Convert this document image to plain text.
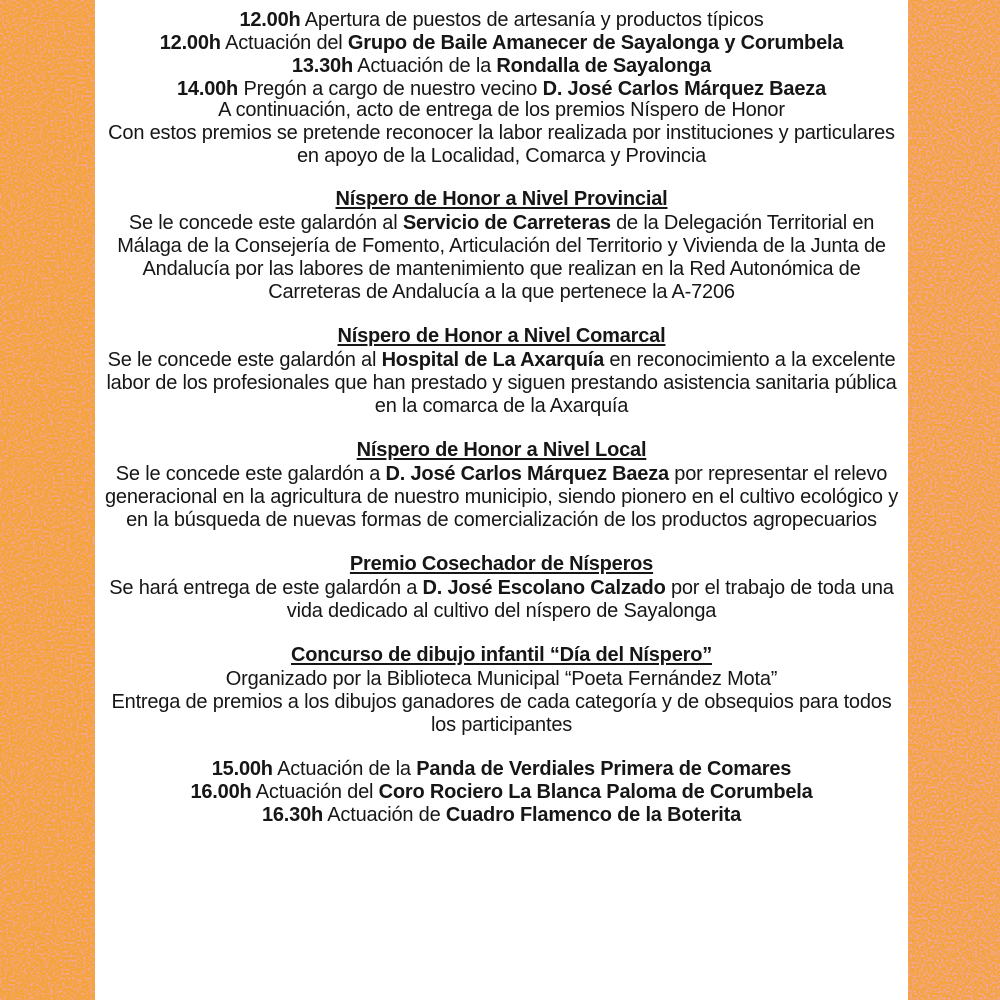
12.00h Apertura de puestos de artesanía y productos típicos

12.00h Actuación del Grupo de Baile Amanecer de Sayalonga y Corumbela

13.30h Actuación de la Rondalla de Sayalonga

14.00h Pregón a cargo de nuestro vecino D. José Carlos Márquez Baeza

A continuación, acto de entrega de los premios Níspero de Honor
Con estos premios se pretende reconocer la labor realizada por instituciones y particulares en apoyo de la Localidad, Comarca y Provincia
Níspero de Honor a Nivel Provincial

Se le concede este galardón al Servicio de Carreteras de la Delegación Territorial en Málaga de la Consejería de Fomento, Articulación del Territorio y Vivienda de la Junta de Andalucía por las labores de mantenimiento que realizan en la Red Autonómica de Carreteras de Andalucía a la que pertenece la A-7206

Níspero de Honor a Nivel Comarcal

Se le concede este galardón al Hospital de La Axarquía en reconocimiento a la excelente labor de los profesionales que han prestado y siguen prestando asistencia sanitaria pública en la comarca de la Axarquía

Níspero de Honor a Nivel Local

Se le concede este galardón a D. José Carlos Márquez Baeza por representar el relevo generacional en la agricultura de nuestro municipio, siendo pionero en el cultivo ecológico y en la búsqueda de nuevas formas de comercialización de los productos agropecuarios

Premio Cosechador de Nísperos

Se hará entrega de este galardón a D. José Escolano Calzado por el trabajo de toda una vida dedicado al cultivo del níspero de Sayalonga

Concurso de dibujo infantil “Día del Níspero”

Organizado por la Biblioteca Municipal “Poeta Fernández Mota”

Entrega de premios a los dibujos ganadores de cada categoría y de obsequios para todos los participantes

15.00h Actuación de la Panda de Verdiales Primera de Comares

16.00h Actuación del Coro Rociero La Blanca Paloma de Corumbela

16.30h Actuación de Cuadro Flamenco de la Boterita
